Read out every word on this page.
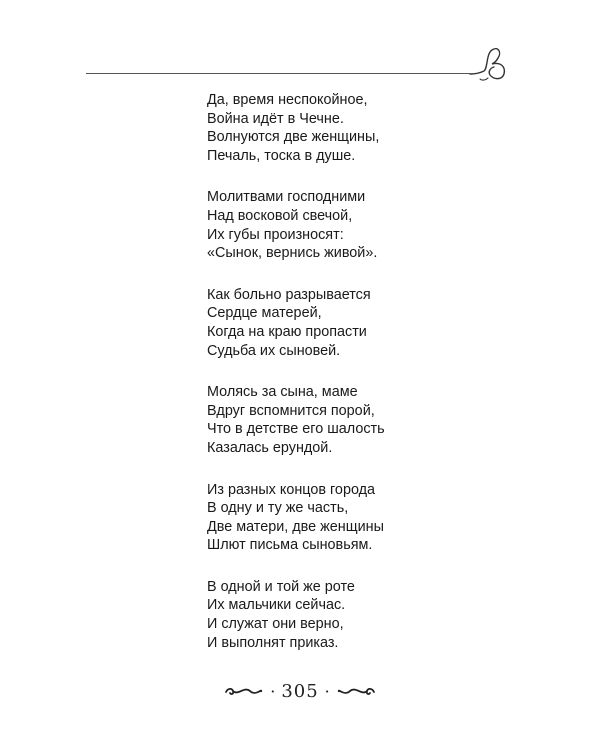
Да, время неспокойное,
Война идёт в Чечне.
Волнуются две женщины,
Печаль, тоска в душе.
Молитвами господними
Над восковой свечой,
Их губы произносят:
«Сынок, вернись живой».
Как больно разрывается
Сердце матерей,
Когда на краю пропасти
Судьба их сыновей.
Молясь за сына, маме
Вдруг вспомнится порой,
Что в детстве его шалость
Казалась ерундой.
Из разных концов города
В одну и ту же часть,
Две матери, две женщины
Шлют письма сыновьям.
В одной и той же роте
Их мальчики сейчас.
И служат они верно,
И выполнят приказ.
· 305 ·
